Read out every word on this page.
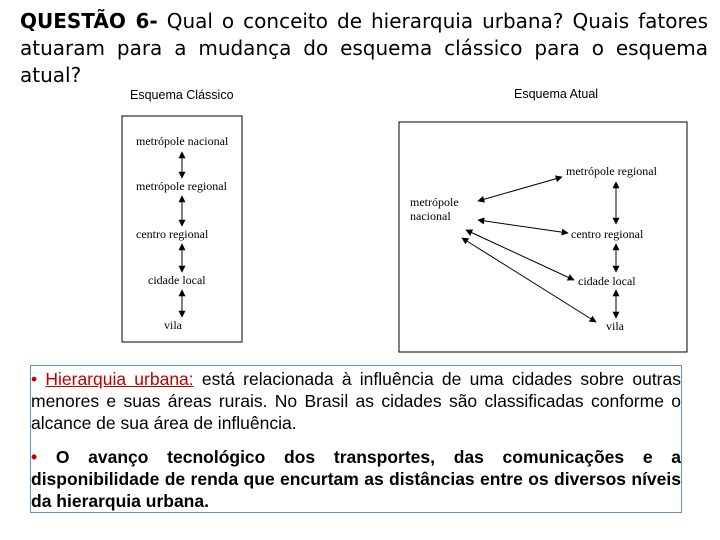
QUESTÃO 6- Qual o conceito de hierarquia urbana? Quais fatores atuaram para a mudança do esquema clássico para o esquema atual?

Esquema Clássico	Esquema Atual
metrópole nacional
metrópole regional
centro regional
cidade local
vila
metrópole
nacional
metrópole regional
centro regional
cidade local
vila

• Hierarquia urbana: está relacionada à influência de uma cidades sobre outras menores e suas áreas rurais. No Brasil as cidades são classificadas conforme o alcance de sua área de influência.

• O avanço tecnológico dos transportes, das comunicações e a disponibilidade de renda que encurtam as distâncias entre os diversos níveis da hierarquia urbana.
